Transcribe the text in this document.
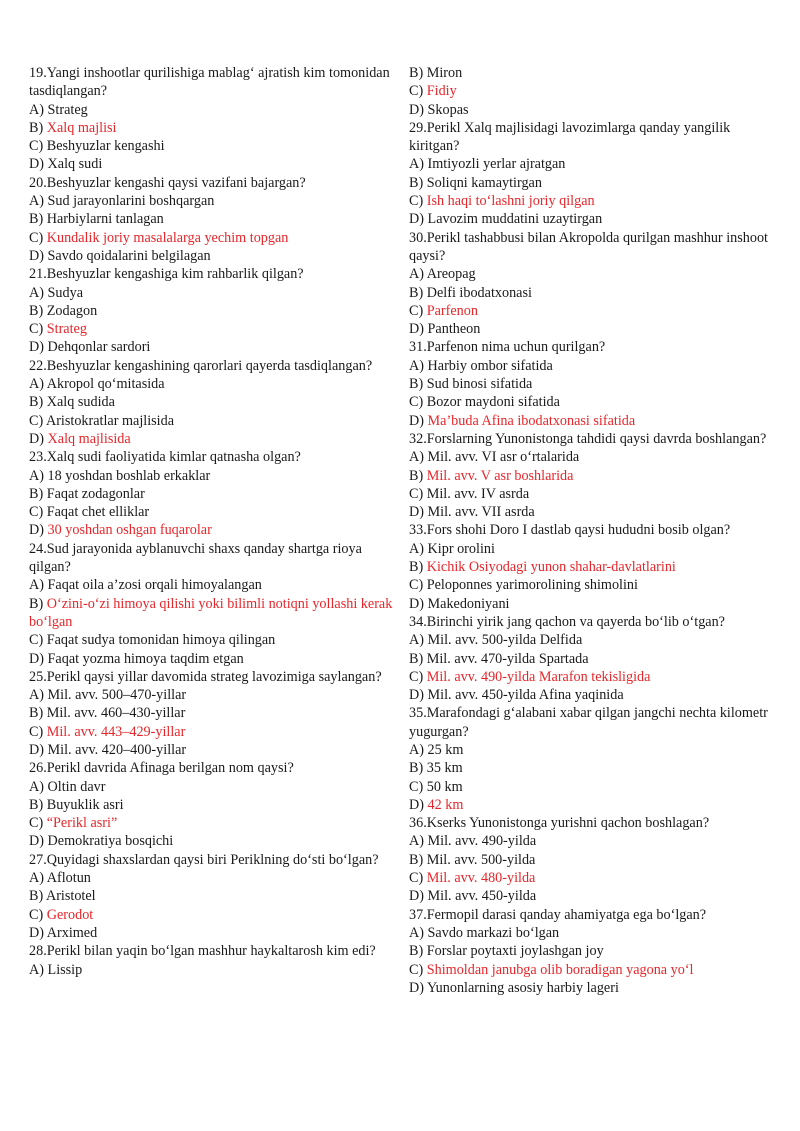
19.Yangi inshootlar qurilishiga mablag‘ ajratish kim tomonidan tasdiqlangan?
A) Strateg
B) Xalq majlisi
C) Beshyuzlar kengashi
D) Xalq sudi
20.Beshyuzlar kengashi qaysi vazifani bajargan?
A) Sud jarayonlarini boshqargan
B) Harbiylarni tanlagan
C) Kundalik joriy masalalarga yechim topgan
D) Savdo qoidalarini belgilagan
21.Beshyuzlar kengashiga kim rahbarlik qilgan?
A) Sudya
B) Zodagon
C) Strateg
D) Dehqonlar sardori
22.Beshyuzlar kengashining qarorlari qayerda tasdiqlangan?
A) Akropol qo‘mitasida
B) Xalq sudida
C) Aristokratlar majlisida
D) Xalq majlisida
23.Xalq sudi faoliyatida kimlar qatnasha olgan?
A) 18 yoshdan boshlab erkaklar
B) Faqat zodagonlar
C) Faqat chet elliklar
D) 30 yoshdan oshgan fuqarolar
24.Sud jarayonida ayblanuvchi shaxs qanday shartga rioya qilgan?
A) Faqat oila a’zosi orqali himoyalangan
B) O‘zini-o‘zi himoya qilishi yoki bilimli notiqni yollashi kerak bo‘lgan
C) Faqat sudya tomonidan himoya qilingan
D) Faqat yozma himoya taqdim etgan
25.Perikl qaysi yillar davomida strateg lavozimiga saylangan?
A) Mil. avv. 500–470-yillar
B) Mil. avv. 460–430-yillar
C) Mil. avv. 443–429-yillar
D) Mil. avv. 420–400-yillar
26.Perikl davrida Afinaga berilgan nom qaysi?
A) Oltin davr
B) Buyuklik asri
C) “Perikl asri”
D) Demokratiya bosqichi
27.Quyidagi shaxslardan qaysi biri Periklning do‘sti bo‘lgan?
A) Aflotun
B) Aristotel
C) Gerodot
D) Arximed
28.Perikl bilan yaqin bo‘lgan mashhur haykaltarosh kim edi?
A) Lissip
B) Miron
C) Fidiy
D) Skopas
29.Perikl Xalq majlisidagi lavozimlarga qanday yangilik kiritgan?
A) Imtiyozli yerlar ajratgan
B) Soliqni kamaytirgan
C) Ish haqi to‘lashni joriy qilgan
D) Lavozim muddatini uzaytirgan
30.Perikl tashabbusi bilan Akropolda qurilgan mashhur inshoot qaysi?
A) Areopag
B) Delfi ibodatxonasi
C) Parfenon
D) Pantheon
31.Parfenon nima uchun qurilgan?
A) Harbiy ombor sifatida
B) Sud binosi sifatida
C) Bozor maydoni sifatida
D) Ma’buda Afina ibodatxonasi sifatida
32.Forslarning Yunonistonga tahdidi qaysi davrda boshlangan?
A) Mil. avv. VI asr o‘rtalarida
B) Mil. avv. V asr boshlarida
C) Mil. avv. IV asrda
D) Mil. avv. VII asrda
33.Fors shohi Doro I dastlab qaysi hududni bosib olgan?
A) Kipr orolini
B) Kichik Osiyodagi yunon shahar-davlatlarini
C) Peloponnes yarimorolining shimolini
D) Makedoniyani
34.Birinchi yirik jang qachon va qayerda bo‘lib o‘tgan?
A) Mil. avv. 500-yilda Delfida
B) Mil. avv. 470-yilda Spartada
C) Mil. avv. 490-yilda Marafon tekisligida
D) Mil. avv. 450-yilda Afina yaqinida
35.Marafondagi g‘alabani xabar qilgan jangchi nechta kilometr yugurgan?
A) 25 km
B) 35 km
C) 50 km
D) 42 km
36.Kserks Yunonistonga yurishni qachon boshlagan?
A) Mil. avv. 490-yilda
B) Mil. avv. 500-yilda
C) Mil. avv. 480-yilda
D) Mil. avv. 450-yilda
37.Fermopil darasi qanday ahamiyatga ega bo‘lgan?
A) Savdo markazi bo‘lgan
B) Forslar poytaxti joylashgan joy
C) Shimoldan janubga olib boradigan yagona yo‘l
D) Yunonlarning asosiy harbiy lageri
